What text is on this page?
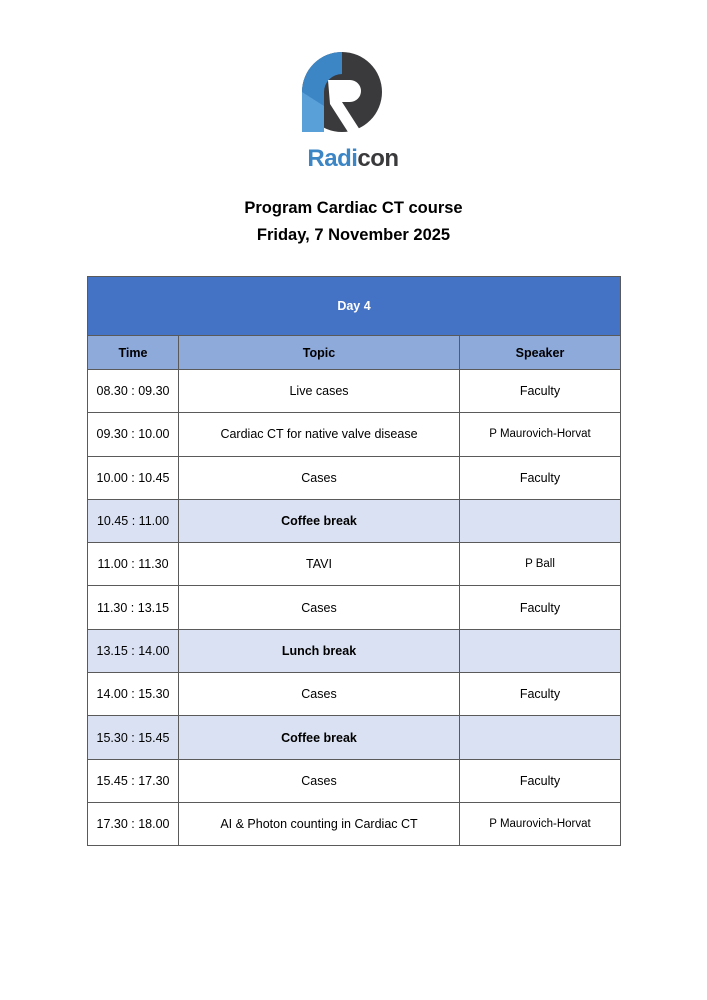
Radicon
Program Cardiac CT course
Friday, 7 November 2025
Day 4		
Time	Topic	Speaker
08.30 : 09.30	Live cases	Faculty
09.30 : 10.00	Cardiac CT for native valve disease	P Maurovich-Horvat
10.00 : 10.45	Cases	Faculty
10.45 : 11.00	Coffee break	
11.00 : 11.30	TAVI	P Ball
11.30 : 13.15	Cases	Faculty
13.15 : 14.00	Lunch break	
14.00 : 15.30	Cases	Faculty
15.30 : 15.45	Coffee break	
15.45 : 17.30	Cases	Faculty
17.30 : 18.00	AI & Photon counting in Cardiac CT	P Maurovich-Horvat
